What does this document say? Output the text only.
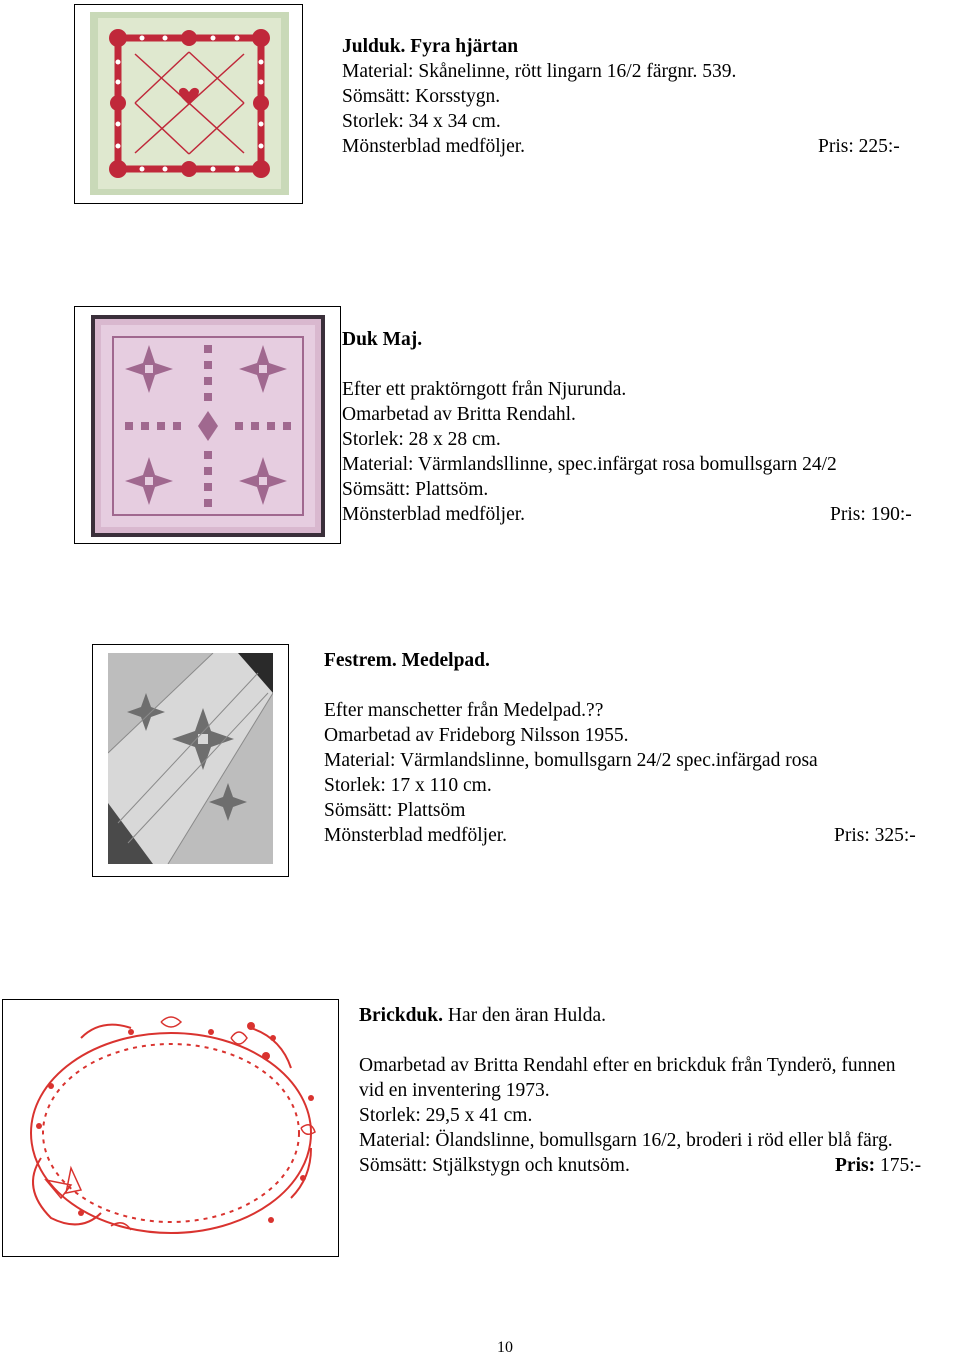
Julduk. Fyra hjärtan
Material: Skånelinne, rött lingarn 16/2 färgnr. 539.
Sömsätt: Korsstygn.
Storlek: 34 x 34 cm.
Mönsterblad medföljer.	Pris: 225:-
Duk Maj.
Efter ett praktörngott från Njurunda.
Omarbetad av Britta Rendahl.
Storlek: 28 x 28 cm.
Material: Värmlandsllinne, spec.infärgat rosa bomullsgarn 24/2
Sömsätt: Plattsöm.
Mönsterblad medföljer.	Pris: 190:-
Festrem. Medelpad.
Efter manschetter från Medelpad.??
Omarbetad av Frideborg Nilsson 1955.
Material: Värmlandslinne, bomullsgarn 24/2 spec.infärgad rosa
Storlek: 17 x 110 cm.
Sömsätt: Plattsöm
Mönsterblad medföljer.	Pris: 325:-
Brickduk. Har den äran Hulda.
Omarbetad av Britta Rendahl efter en brickduk från Tynderö, funnen
vid en inventering 1973.
Storlek: 29,5 x 41 cm.
Material: Ölandslinne, bomullsgarn 16/2, broderi i röd eller blå färg.
Sömsätt: Stjälkstygn och knutsöm.	Pris: 175:-
10
